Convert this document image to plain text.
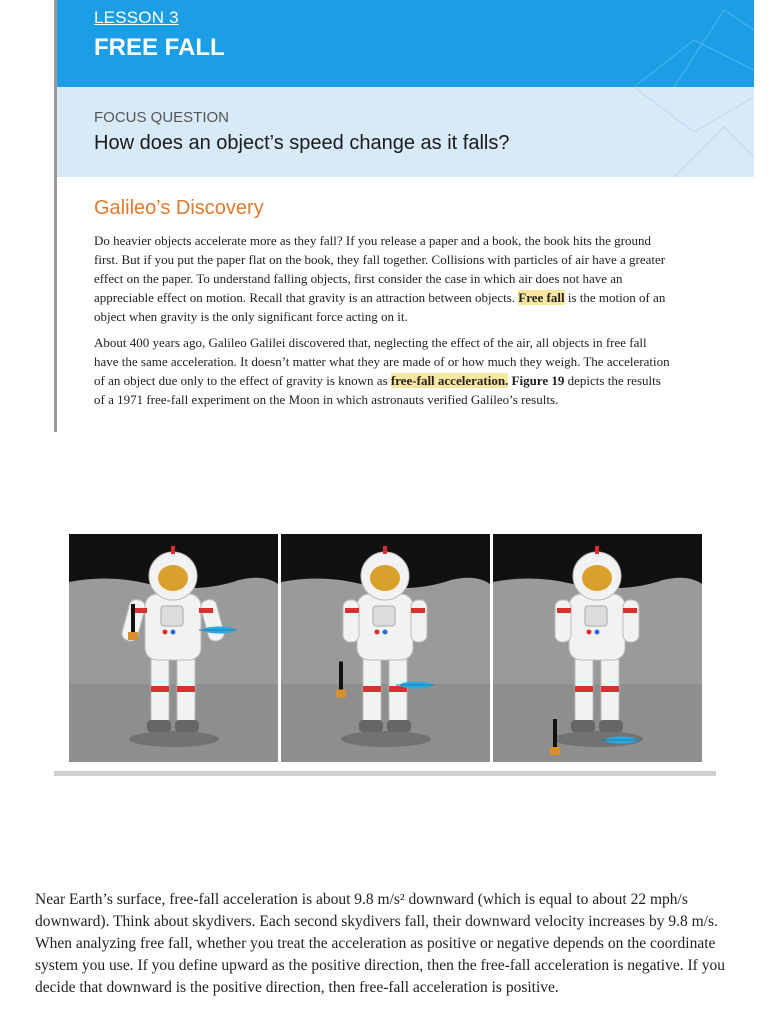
LESSON 3
FREE FALL
FOCUS QUESTION
How does an object’s speed change as it falls?
Galileo’s Discovery

Do heavier objects accelerate more as they fall? If you release a paper and a book, the book hits the ground first. But if you put the paper flat on the book, they fall together. Collisions with particles of air have a greater effect on the paper. To understand falling objects, first consider the case in which air does not have an appreciable effect on motion. Recall that gravity is an attraction between objects. Free fall is the motion of an object when gravity is the only significant force acting on it.

About 400 years ago, Galileo Galilei discovered that, neglecting the effect of the air, all objects in free fall have the same acceleration. It doesn’t matter what they are made of or how much they weigh. The acceleration of an object due only to the effect of gravity is known as free-fall acceleration. Figure 19 depicts the results of a 1971 free-fall experiment on the Moon in which astronauts verified Galileo’s results.

Near Earth’s surface, free-fall acceleration is about 9.8 m/s² downward (which is equal to about 22 mph/s downward). Think about skydivers. Each second skydivers fall, their downward velocity increases by 9.8 m/s. When analyzing free fall, whether you treat the acceleration as positive or negative depends on the coordinate system you use. If you define upward as the positive direction, then the free-fall acceleration is negative. If you decide that downward is the positive direction, then free-fall acceleration is positive.
